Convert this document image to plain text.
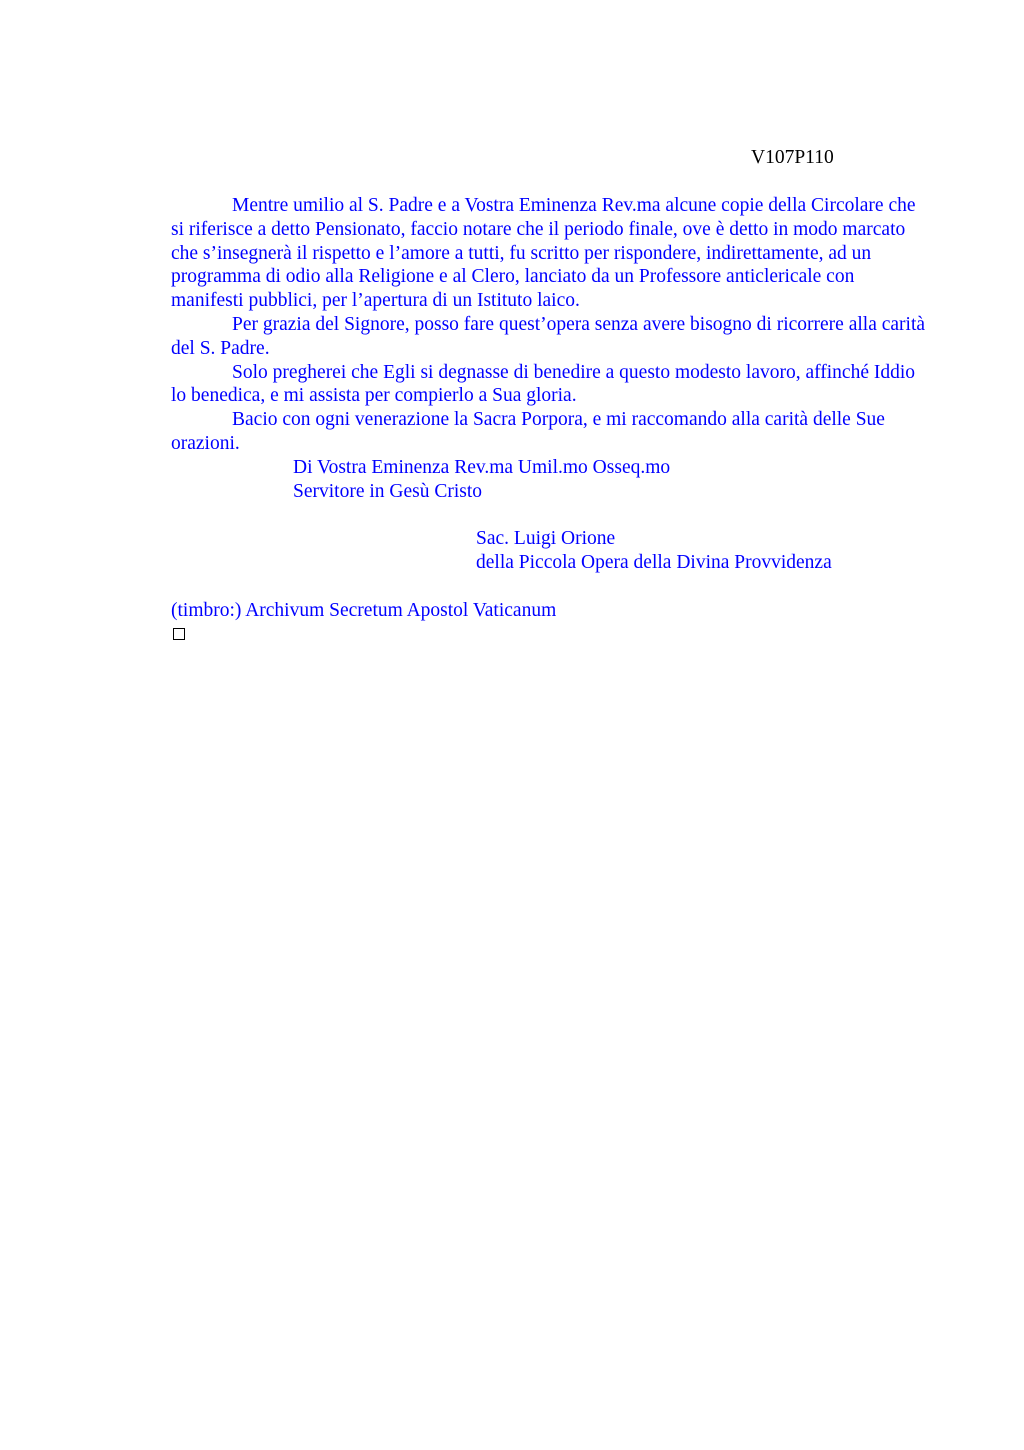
V107P110

Mentre umilio al S. Padre e a Vostra Eminenza Rev.ma alcune copie della Circolare che si riferisce a detto Pensionato, faccio notare che il periodo finale, ove è detto in modo marcato che s’insegnerà il rispetto e l’amore a tutti, fu scritto per rispondere, indirettamente, ad un programma di odio alla Religione e al Clero, lanciato da un Professore anticlericale con manifesti pubblici, per l’apertura di un Istituto laico.

Per grazia del Signore, posso fare quest’opera senza avere bisogno di ricorrere alla carità del S. Padre.

Solo pregherei che Egli si degnasse di benedire a questo modesto lavoro, affinché Iddio lo benedica, e mi assista per compierlo a Sua gloria.

Bacio con ogni venerazione la Sacra Porpora, e mi raccomando alla carità delle Sue orazioni.

Di Vostra Eminenza Rev.ma Umil.mo Osseq.mo

Servitore in Gesù Cristo

Sac. Luigi Orione
della Piccola Opera della Divina Provvidenza
(timbro:) Archivum Secretum Apostol Vaticanum
